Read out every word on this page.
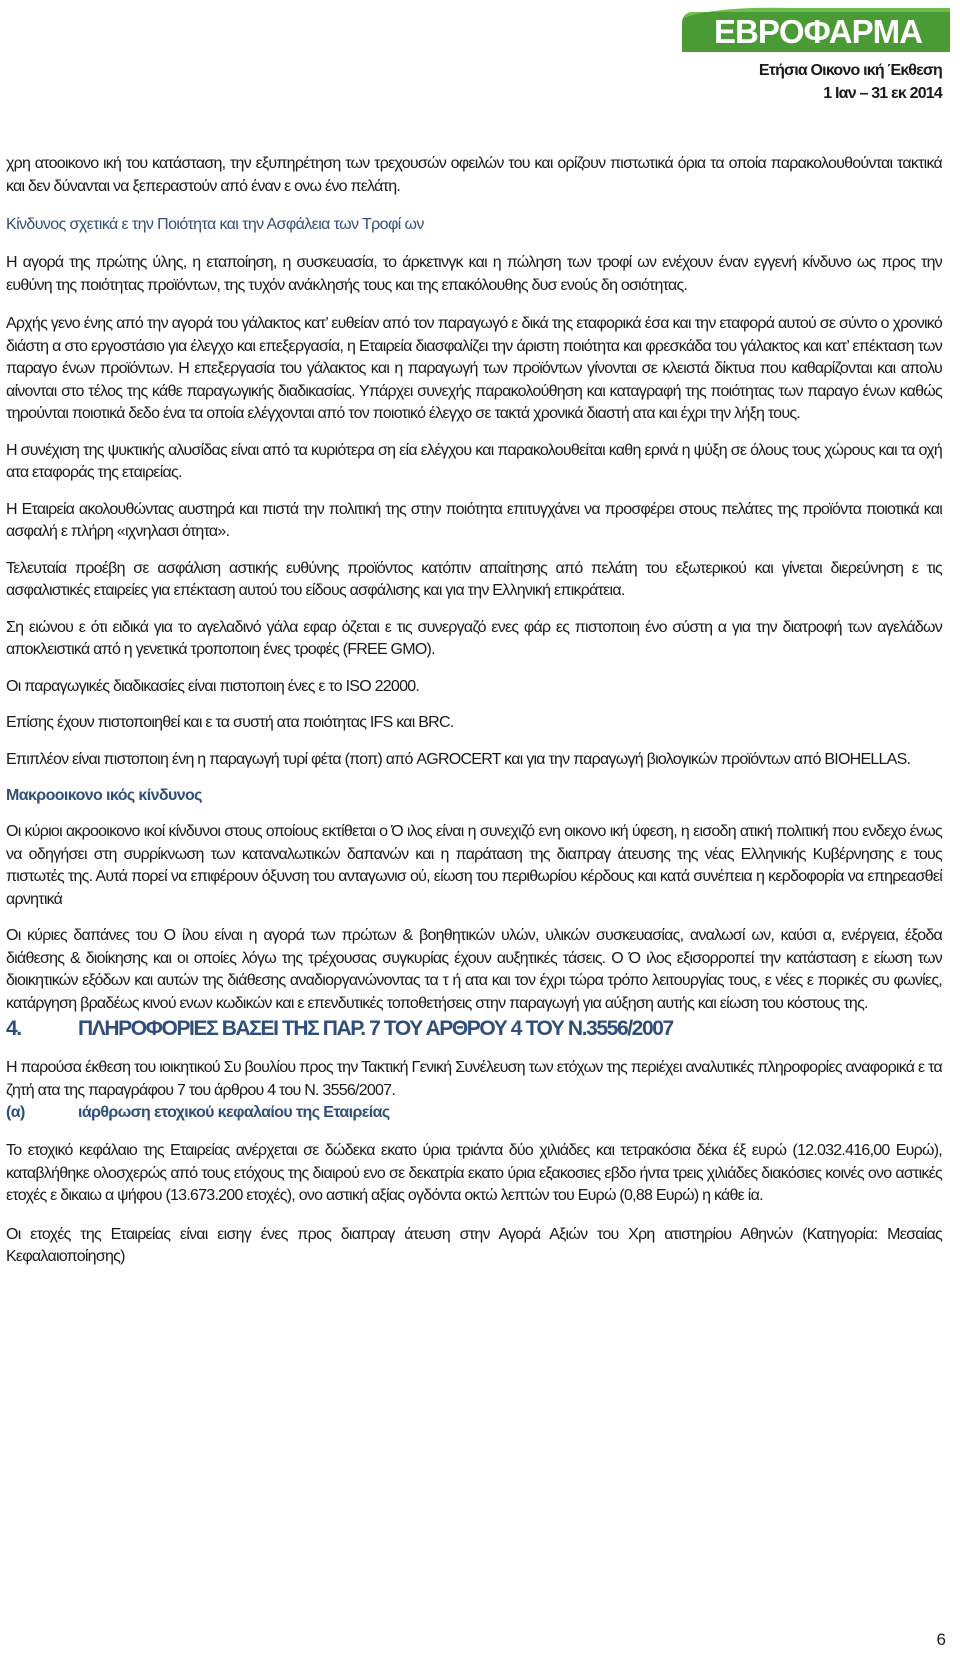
ΕΒΡΟΦΑΡΜΑ
Ετήσια Οικονο ική Έκθεση
1 Ιαν – 31 εκ 2014

χρη ατοοικονο ική του κατάσταση, την εξυπηρέτηση των τρεχουσών οφειλών του και ορίζουν πιστωτικά όρια τα οποία παρακολουθούνται τακτικά και δεν δύνανται να ξεπεραστούν από έναν ε ονω ένο πελάτη.

Κίνδυνος σχετικά ε την Ποιότητα και την Ασφάλεια των Τροφί ων

Η αγορά της πρώτης ύλης, η εταποίηση, η συσκευασία, το άρκετινγκ και η πώληση των τροφί ων ενέχουν έναν εγγενή κίνδυνο ως προς την ευθύνη της ποιότητας προϊόντων, της τυχόν ανάκλησής τους και της επακόλουθης δυσ ενούς δη οσιότητας.

Αρχής γενο ένης από την αγορά του γάλακτος κατ’ ευθείαν από τον παραγωγό ε δικά της εταφορικά έσα και την εταφορά αυτού σε σύντο ο χρονικό διάστη α στο εργοστάσιο για έλεγχο και επεξεργασία, η Εταιρεία διασφαλίζει την άριστη ποιότητα και φρεσκάδα του γάλακτος και κατ’ επέκταση των παραγο ένων προϊόντων. Η επεξεργασία του γάλακτος και η παραγωγή των προϊόντων γίνονται σε κλειστά δίκτυα που καθαρίζονται και απολυ αίνονται στο τέλος της κάθε παραγωγικής διαδικασίας. Υπάρχει συνεχής παρακολούθηση και καταγραφή της ποιότητας των παραγο ένων καθώς τηρούνται ποιοτικά δεδο ένα τα οποία ελέγχονται από τον ποιοτικό έλεγχο σε τακτά χρονικά διαστή ατα και έχρι την λήξη τους.

Η συνέχιση της ψυκτικής αλυσίδας είναι από τα κυριότερα ση εία ελέγχου και παρακολουθείται καθη ερινά η ψύξη σε όλους τους χώρους και τα οχή ατα εταφοράς της εταιρείας.

Η Εταιρεία ακολουθώντας αυστηρά και πιστά την πολιτική της στην ποιότητα επιτυγχάνει να προσφέρει στους πελάτες της προϊόντα ποιοτικά και ασφαλή ε πλήρη «ιχνηλασι ότητα».

Τελευταία προέβη σε ασφάλιση αστικής ευθύνης προϊόντος κατόπιν απαίτησης από πελάτη του εξωτερικού και γίνεται διερεύνηση ε τις ασφαλιστικές εταιρείες για επέκταση αυτού του είδους ασφάλισης και για την Ελληνική επικράτεια.

Ση ειώνου ε ότι ειδικά για το αγελαδινό γάλα εφαρ όζεται ε τις συνεργαζό ενες φάρ ες πιστοποιη ένο σύστη α για την διατροφή των αγελάδων αποκλειστικά από η γενετικά τροποποιη ένες τροφές (FREE GMO).

Οι παραγωγικές διαδικασίες είναι πιστοποιη ένες ε το ISO 22000.

Επίσης έχουν πιστοποιηθεί και ε τα συστή ατα ποιότητας IFS και BRC.

Επιπλέον είναι πιστοποιη ένη η παραγωγή τυρί φέτα (ποπ) από AGROCERT και για την παραγωγή βιολογικών προϊόντων από BIOHELLAS.

Μακροοικονο ικός κίνδυνος

Οι κύριοι ακροοικονο ικοί κίνδυνοι στους οποίους εκτίθεται ο Ό ιλος είναι η συνεχιζό ενη οικονο ική ύφεση, η εισοδη ατική πολιτική που ενδεχο ένως να οδηγήσει στη συρρίκνωση των καταναλωτικών δαπανών και η παράταση της διαπραγ άτευσης της νέας Ελληνικής Κυβέρνησης ε τους πιστωτές της. Αυτά πορεί να επιφέρουν όξυνση του ανταγωνισ ού, είωση του περιθωρίου κέρδους και κατά συνέπεια η κερδοφορία να επηρεασθεί αρνητικά

Οι κύριες δαπάνες του Ο ίλου είναι η αγορά των πρώτων & βοηθητικών υλών, υλικών συσκευασίας, αναλωσί ων, καύσι α, ενέργεια, έξοδα διάθεσης & διοίκησης και οι οποίες λόγω της τρέχουσας συγκυρίας έχουν αυξητικές τάσεις. Ο Ό ιλος εξισορροπεί την κατάσταση ε είωση των διοικητικών εξόδων και αυτών της διάθεσης αναδιοργανώνοντας τα τ ή ατα και τον έχρι τώρα τρόπο λειτουργίας τους, ε νέες ε πορικές συ φωνίες, κατάργηση βραδέως κινού ενων κωδικών και ε επενδυτικές τοποθετήσεις στην παραγωγή για αύξηση αυτής και είωση του κόστους της.

4.	ΠΛΗΡΟΦΟΡΙΕΣ ΒΑΣΕΙ ΤΗΣ ΠΑΡ. 7 ΤΟΥ ΑΡΘΡΟΥ 4 ΤΟΥ Ν.3556/2007

Η παρούσα έκθεση του ιοικητικού Συ βουλίου προς την Τακτική Γενική Συνέλευση των ετόχων της περιέχει αναλυτικές πληροφορίες αναφορικά ε τα ζητή ατα της παραγράφου 7 του άρθρου 4 του Ν. 3556/2007.

(α)	ιάρθρωση ετοχικού κεφαλαίου της Εταιρείας

Το ετοχικό κεφάλαιο της Εταιρείας ανέρχεται σε δώδεκα εκατο ύρια τριάντα δύο χιλιάδες και τετρακόσια δέκα έξ ευρώ (12.032.416,00 Ευρώ), καταβλήθηκε ολοσχερώς από τους ετόχους της διαιρού ενο σε δεκατρία εκατο ύρια εξακοσιες εβδο ήντα τρεις χιλιάδες διακόσιες κοινές ονο αστικές ετοχές ε δικαιω α ψήφου (13.673.200 ετοχές), ονο αστική αξίας ογδόντα οκτώ λεπτών του Ευρώ (0,88 Ευρώ) η κάθε ία.

Οι ετοχές της Εταιρείας είναι εισηγ ένες προς διαπραγ άτευση στην Αγορά Αξιών του Χρη ατιστηρίου Αθηνών (Κατηγορία: Μεσαίας Κεφαλαιοποίησης)

6
